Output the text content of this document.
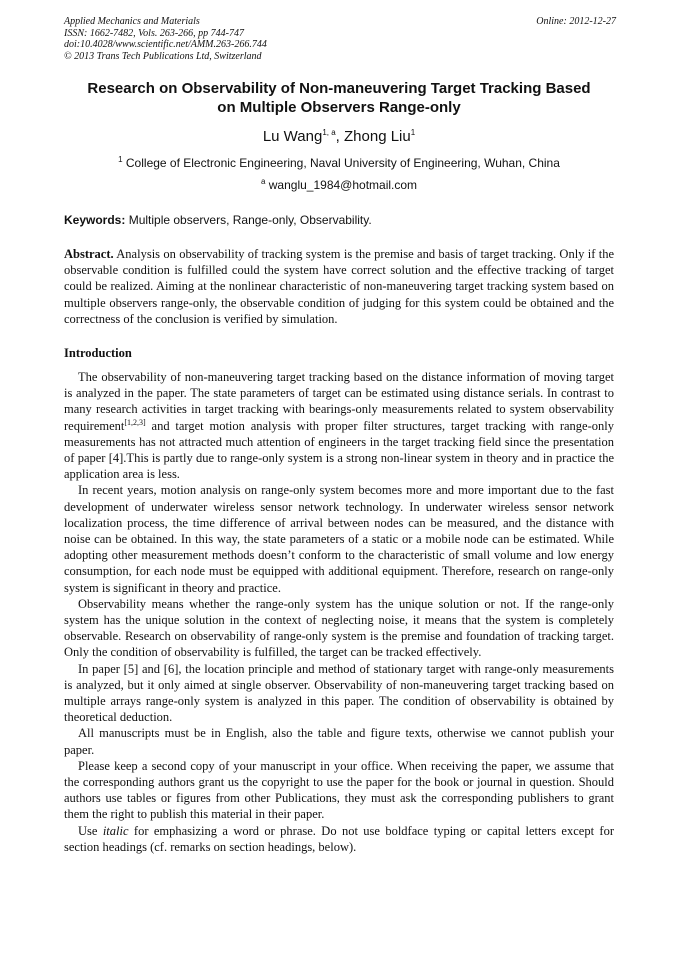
Applied Mechanics and Materials
ISSN: 1662-7482, Vols. 263-266, pp 744-747
doi:10.4028/www.scientific.net/AMM.263-266.744
© 2013 Trans Tech Publications Ltd, Switzerland
Online: 2012-12-27
Research on Observability of Non-maneuvering Target Tracking Based
on Multiple Observers Range-only
Lu Wang$^{1, a}$, Zhong Liu$^1$
$^1$ College of Electronic Engineering, Naval University of Engineering, Wuhan, China
$^a$ wanglu_1984@hotmail.com
Keywords: Multiple observers, Range-only, Observability.
Abstract. Analysis on observability of tracking system is the premise and basis of target tracking. Only if the observable condition is fulfilled could the system have correct solution and the effective tracking of target could be realized. Aiming at the nonlinear characteristic of non-maneuvering target tracking system based on multiple observers range-only, the observable condition of judging for this system could be obtained and the correctness of the conclusion is verified by simulation.
Introduction

The observability of non-maneuvering target tracking based on the distance information of moving target is analyzed in the paper. The state parameters of target can be estimated using distance serials. In contrast to many research activities in target tracking with bearings-only measurements related to system observability requirement[1,2,3] and target motion analysis with proper filter structures, target tracking with range-only measurements has not attracted much attention of engineers in the target tracking field since the presentation of paper [4].This is partly due to range-only system is a strong non-linear system in theory and in practice the application area is less.

In recent years, motion analysis on range-only system becomes more and more important due to the fast development of underwater wireless sensor network technology. In underwater wireless sensor network localization process, the time difference of arrival between nodes can be measured, and the distance with noise can be obtained. In this way, the state parameters of a static or a mobile node can be estimated. While adopting other measurement methods doesn’t conform to the characteristic of small volume and low energy consumption, for each node must be equipped with additional equipment. Therefore, research on range-only system is significant in theory and practice.

Observability means whether the range-only system has the unique solution or not. If the range-only system has the unique solution in the context of neglecting noise, it means that the system is completely observable. Research on observability of range-only system is the premise and foundation of tracking target. Only the condition of observability is fulfilled, the target can be tracked effectively.

In paper [5] and [6], the location principle and method of stationary target with range-only measurements is analyzed, but it only aimed at single observer. Observability of non-maneuvering target tracking based on multiple arrays range-only system is analyzed in this paper. The condition of observability is obtained by theoretical deduction.

All manuscripts must be in English, also the table and figure texts, otherwise we cannot publish your paper.

Please keep a second copy of your manuscript in your office. When receiving the paper, we assume that the corresponding authors grant us the copyright to use the paper for the book or journal in question. Should authors use tables or figures from other Publications, they must ask the corresponding publishers to grant them the right to publish this material in their paper.

Use italic for emphasizing a word or phrase. Do not use boldface typing or capital letters except for section headings (cf. remarks on section headings, below).
